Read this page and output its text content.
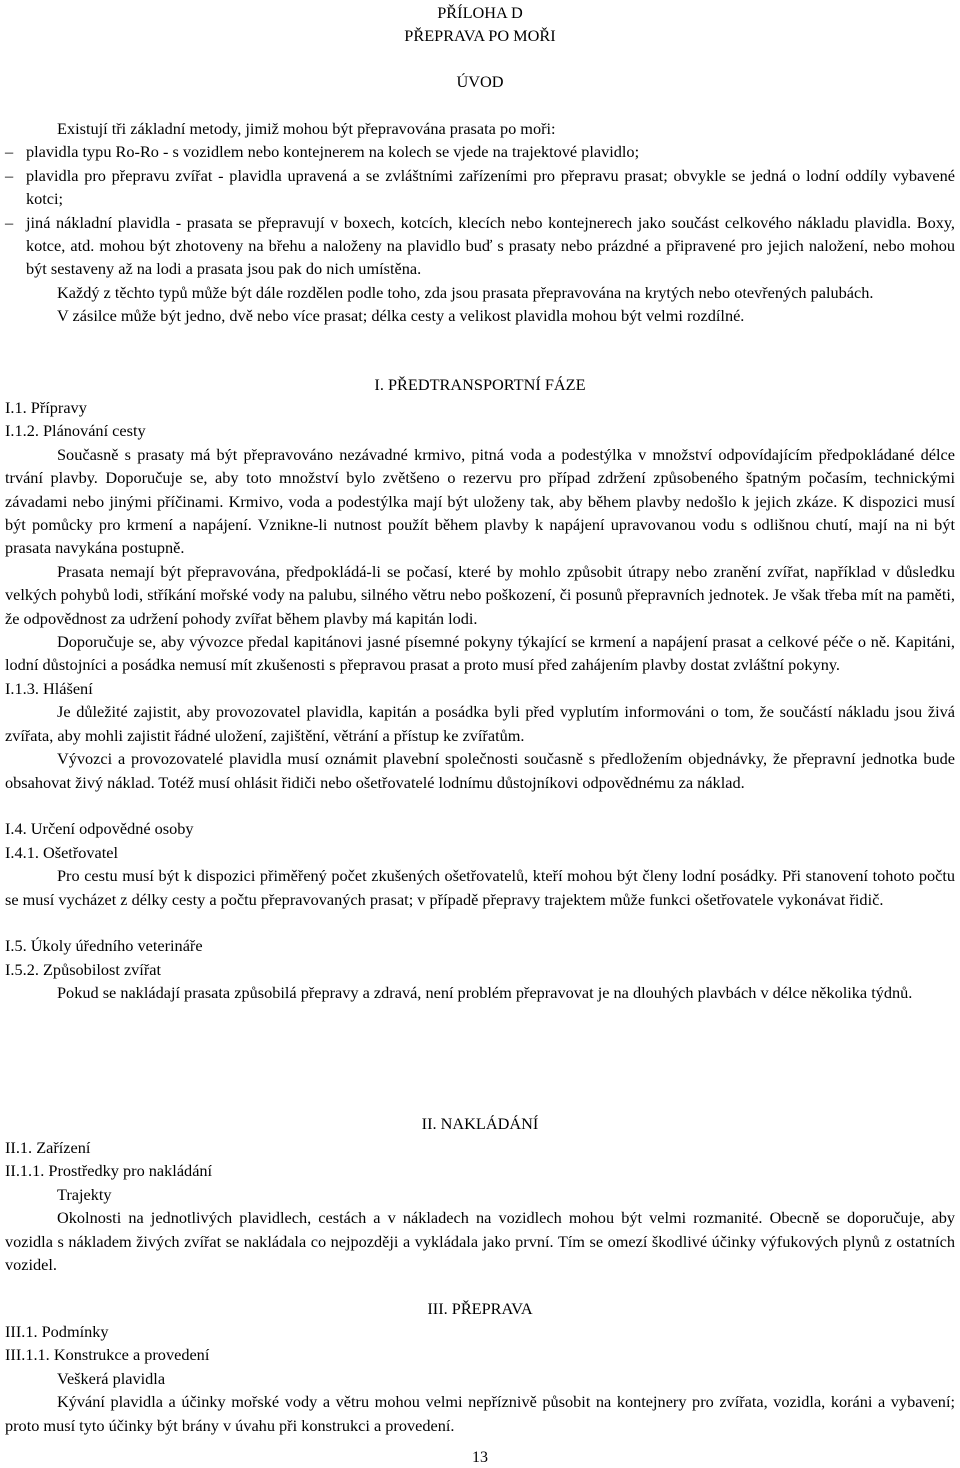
PŘÍLOHA D
PŘEPRAVA PO MOŘI
ÚVOD

Existují tři základní metody, jimiž mohou být přepravována prasata po moři:

– plavidla typu Ro-Ro - s vozidlem nebo kontejnerem na kolech se vjede na trajektové plavidlo;
– plavidla pro přepravu zvířat - plavidla upravená a se zvláštními zařízeními pro přepravu prasat; obvykle se jedná o lodní oddíly vybavené kotci;
– jiná nákladní plavidla - prasata se přepravují v boxech, kotcích, klecích nebo kontejnerech jako součást celkového nákladu plavidla. Boxy, kotce, atd. mohou být zhotoveny na břehu a naloženy na plavidlo buď s prasaty nebo prázdné a připravené pro jejich naložení, nebo mohou být sestaveny až na lodi a prasata jsou pak do nich umístěna.

Každý z těchto typů může být dále rozdělen podle toho, zda jsou prasata přepravována na krytých nebo otevřených palubách.

V zásilce může být jedno, dvě nebo více prasat; délka cesty a velikost plavidla mohou být velmi rozdílné.

I. PŘEDTRANSPORTNÍ FÁZE
I.1. Přípravy
I.1.2. Plánování cesty

Současně s prasaty má být přepravováno nezávadné krmivo, pitná voda a podestýlka v množství odpovídajícím předpokládané délce trvání plavby. Doporučuje se, aby toto množství bylo zvětšeno o rezervu pro případ zdržení způsobeného špatným počasím, technickými závadami nebo jinými příčinami. Krmivo, voda a podestýlka mají být uloženy tak, aby během plavby nedošlo k jejich zkáze. K dispozici musí být pomůcky pro krmení a napájení. Vznikne-li nutnost použít během plavby k napájení upravovanou vodu s odlišnou chutí, mají na ni být prasata navykána postupně.

Prasata nemají být přepravována, předpokládá-li se počasí, které by mohlo způsobit útrapy nebo zranění zvířat, například v důsledku velkých pohybů lodi, stříkání mořské vody na palubu, silného větru nebo poškození, či posunů přepravních jednotek. Je však třeba mít na paměti, že odpovědnost za udržení pohody zvířat během plavby má kapitán lodi.

Doporučuje se, aby vývozce předal kapitánovi jasné písemné pokyny týkající se krmení a napájení prasat a celkové péče o ně. Kapitáni, lodní důstojníci a posádka nemusí mít zkušenosti s přepravou prasat a proto musí před zahájením plavby dostat zvláštní pokyny.

I.1.3. Hlášení

Je důležité zajistit, aby provozovatel plavidla, kapitán a posádka byli před vyplutím informováni o tom, že součástí nákladu jsou živá zvířata, aby mohli zajistit řádné uložení, zajištění, větrání a přístup ke zvířatům.

Vývozci a provozovatelé plavidla musí oznámit plavební společnosti současně s předložením objednávky, že přepravní jednotka bude obsahovat živý náklad. Totéž musí ohlásit řidiči nebo ošetřovatelé lodnímu důstojníkovi odpovědnému za náklad.

I.4. Určení odpovědné osoby
I.4.1. Ošetřovatel

Pro cestu musí být k dispozici přiměřený počet zkušených ošetřovatelů, kteří mohou být členy lodní posádky. Při stanovení tohoto počtu se musí vycházet z délky cesty a počtu přepravovaných prasat; v případě přepravy trajektem může funkci ošetřovatele vykonávat řidič.

I.5. Úkoly úředního veterináře
I.5.2. Způsobilost zvířat

Pokud se nakládají prasata způsobilá přepravy a zdravá, není problém přepravovat je na dlouhých plavbách v délce několika týdnů.

II. NAKLÁDÁNÍ
II.1. Zařízení
II.1.1. Prostředky pro nakládání
Trajekty

Okolnosti na jednotlivých plavidlech, cestách a v nákladech na vozidlech mohou být velmi rozmanité. Obecně se doporučuje, aby vozidla s nákladem živých zvířat se nakládala co nejpozději a vykládala jako první. Tím se omezí škodlivé účinky výfukových plynů z ostatních vozidel.

III. PŘEPRAVA
III.1. Podmínky
III.1.1. Konstrukce a provedení
Veškerá plavidla

Kývání plavidla a účinky mořské vody a větru mohou velmi nepříznivě působit na kontejnery pro zvířata, vozidla, koráni a vybavení; proto musí tyto účinky být brány v úvahu při konstrukci a provedení.

13
